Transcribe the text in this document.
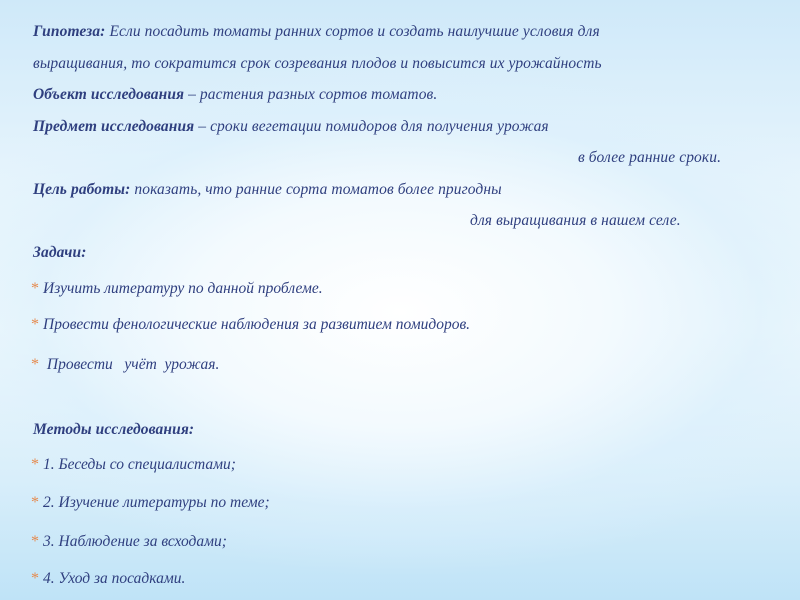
Гипотеза: Если посадить томаты ранних сортов и создать наилучшие условия для
выращивания, то сократится срок созревания плодов и повысится их урожайность
Объект исследования – растения разных сортов томатов.
Предмет исследования – сроки вегетации помидоров для получения урожая
в более ранние сроки.
Цель работы: показать, что ранние сорта томатов более пригодны
для выращивания в нашем селе.
Задачи:
* Изучить литературу по данной проблеме.
* Провести фенологические наблюдения за развитием помидоров.
* Провести   учёт  урожая.
Методы исследования:
* 1. Беседы со специалистами;
* 2. Изучение литературы по теме;
* 3. Наблюдение за всходами;
* 4. Уход за посадками.
